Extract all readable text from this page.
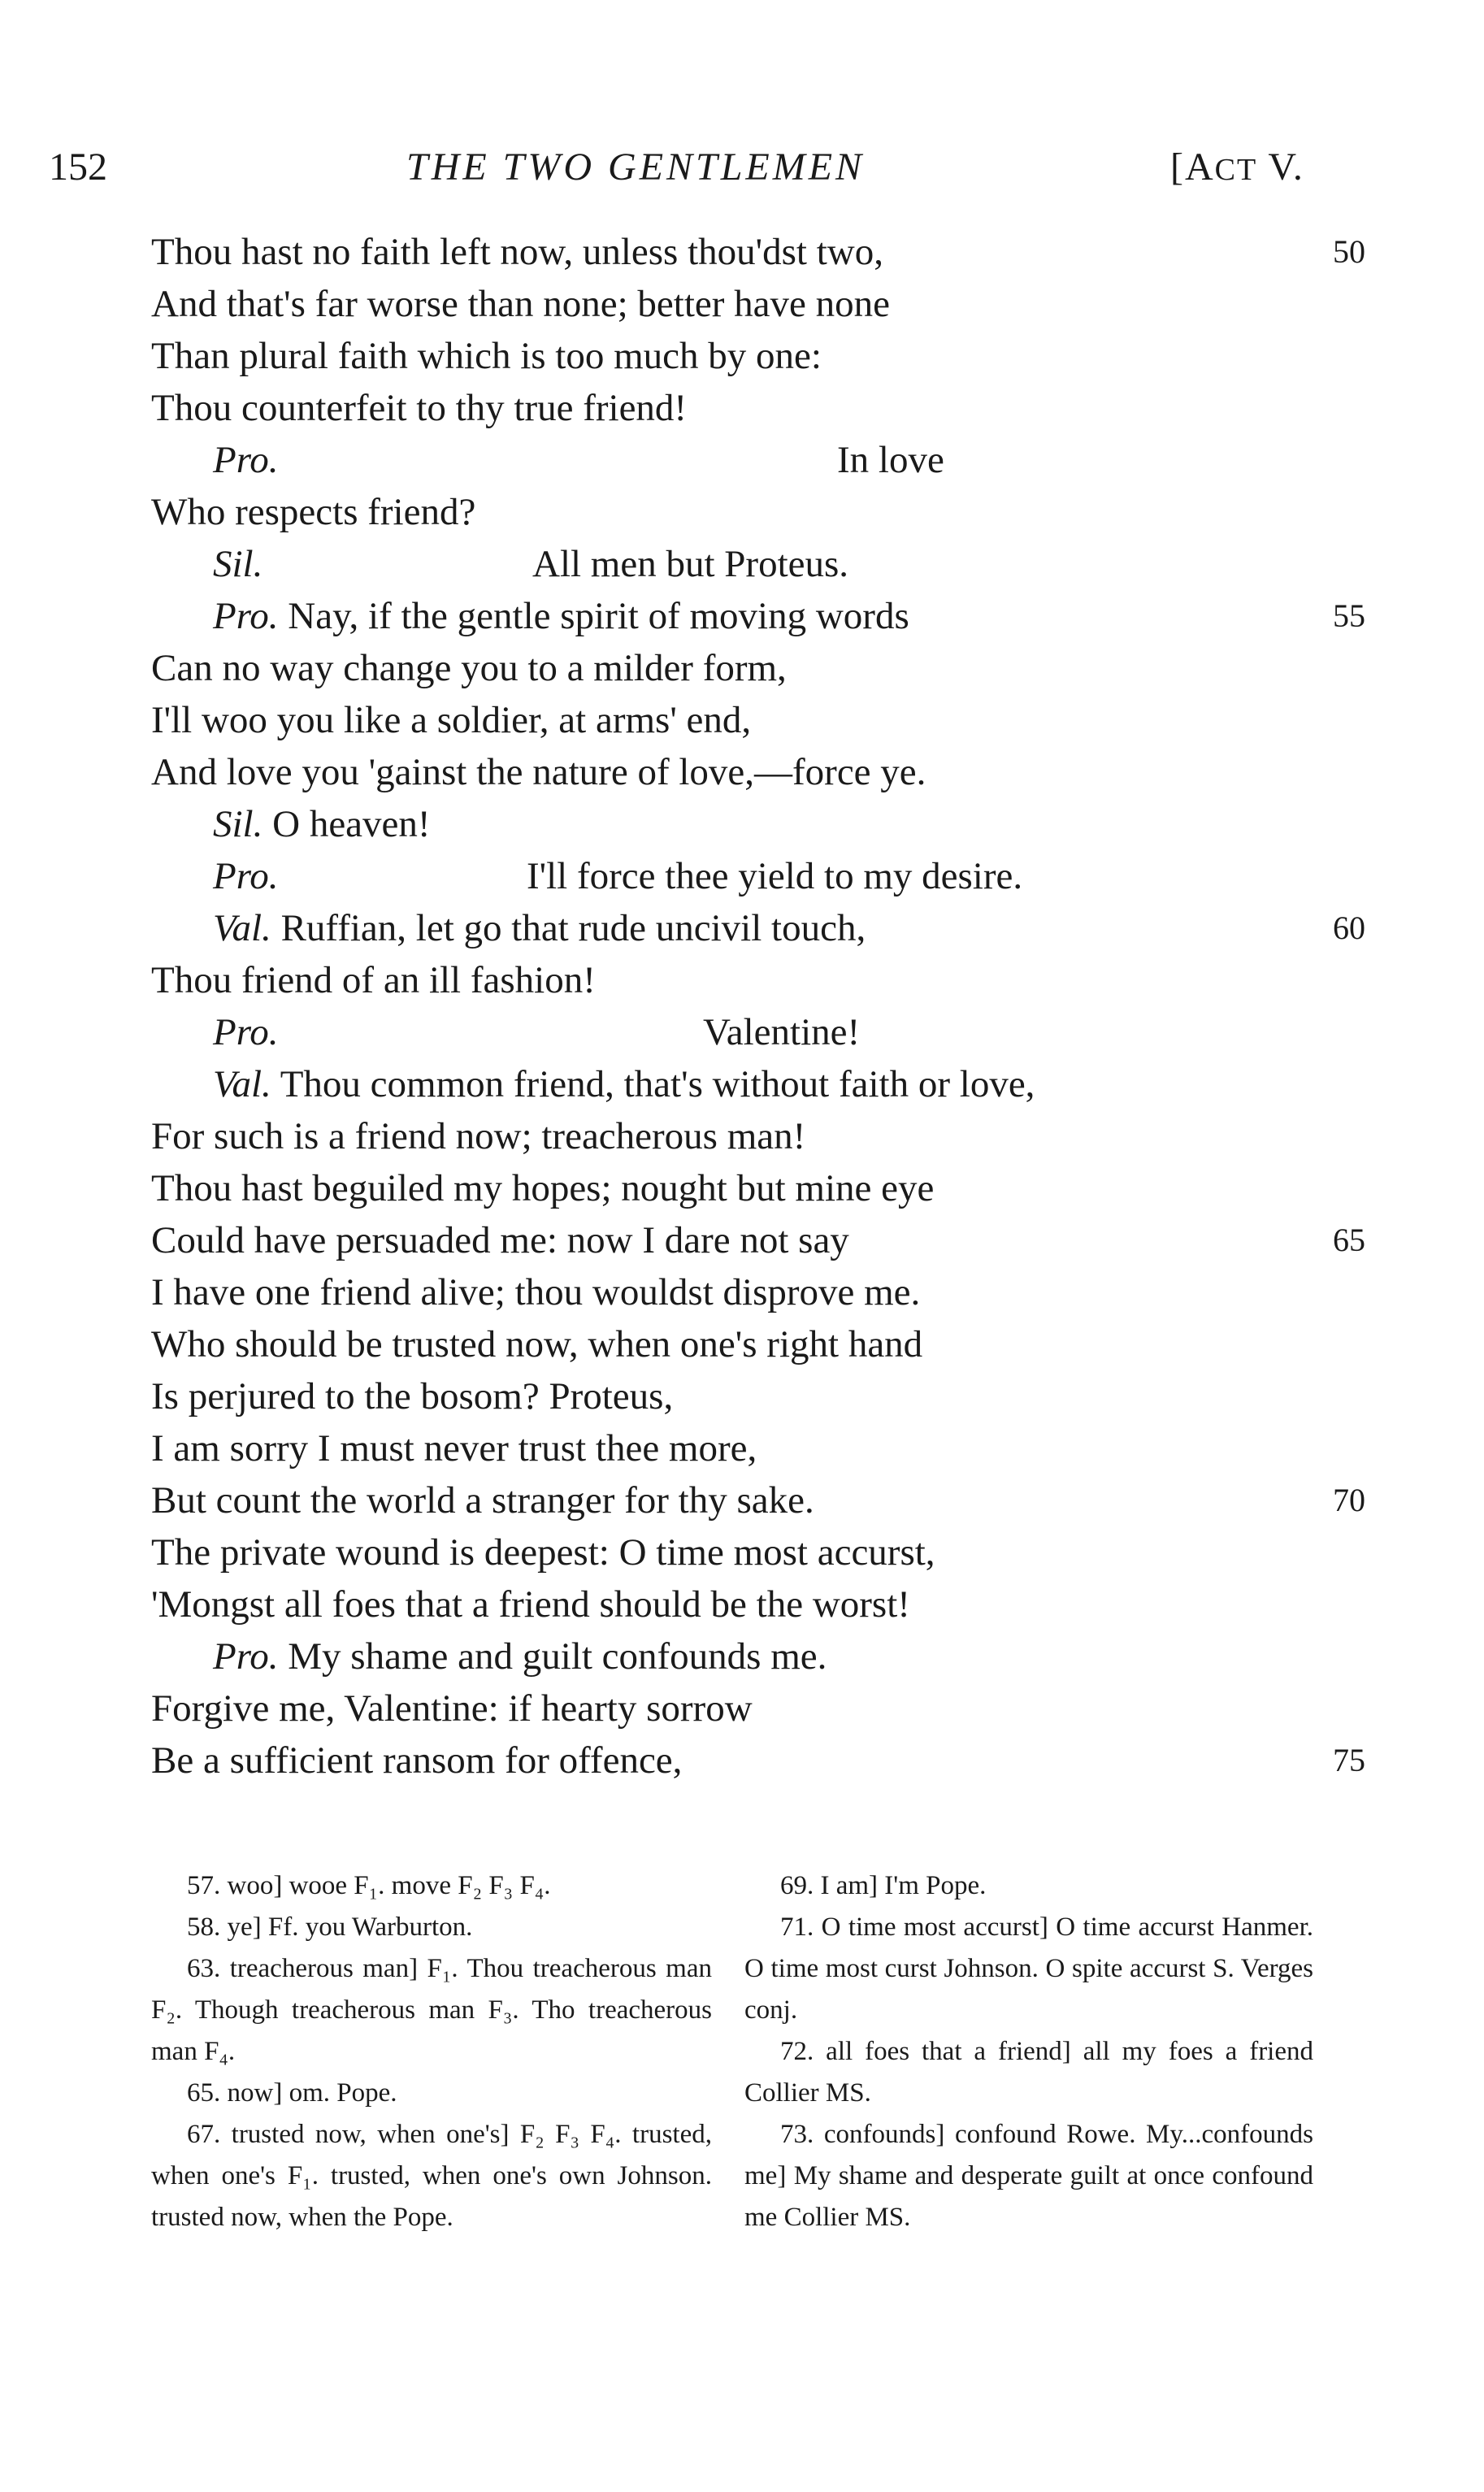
152	THE TWO GENTLEMEN	[ACT V.
Thou hast no faith left now, unless thou'dst two,	50
And that's far worse than none; better have none
Than plural faith which is too much by one:
Thou counterfeit to thy true friend!
Pro.	In love
Who respects friend?
Sil.	All men but Proteus.
Pro. Nay, if the gentle spirit of moving words	55
Can no way change you to a milder form,
I'll woo you like a soldier, at arms' end,
And love you 'gainst the nature of love,—force ye.
Sil. O heaven!
Pro.	I'll force thee yield to my desire.
Val. Ruffian, let go that rude uncivil touch,	60
Thou friend of an ill fashion!
Pro.	Valentine!
Val. Thou common friend, that's without faith or love,
For such is a friend now; treacherous man!
Thou hast beguiled my hopes; nought but mine eye
Could have persuaded me: now I dare not say	65
I have one friend alive; thou wouldst disprove me.
Who should be trusted now, when one's right hand
Is perjured to the bosom? Proteus,
I am sorry I must never trust thee more,
But count the world a stranger for thy sake.	70
The private wound is deepest: O time most accurst,
'Mongst all foes that a friend should be the worst!
Pro. My shame and guilt confounds me.
Forgive me, Valentine: if hearty sorrow
Be a sufficient ransom for offence,	75

57. woo] wooe F₁. move F₂ F₃ F₄.

58. ye] Ff. you Warburton.

63. treacherous man] F₁. Thou treacherous man F₂. Though treacherous man F₃. Tho treacherous man F₄.

65. now] om. Pope.

67. trusted now, when one's] F₂ F₃ F₄. trusted, when one's F₁. trusted, when one's own Johnson. trusted now, when the Pope.

69. I am] I'm Pope.

71. O time most accurst] O time accurst Hanmer. O time most curst Johnson. O spite accurst S. Verges conj.

72. all foes that a friend] all my foes a friend Collier MS.

73. confounds] confound Rowe. My...confounds me] My shame and desperate guilt at once confound me Collier MS.
